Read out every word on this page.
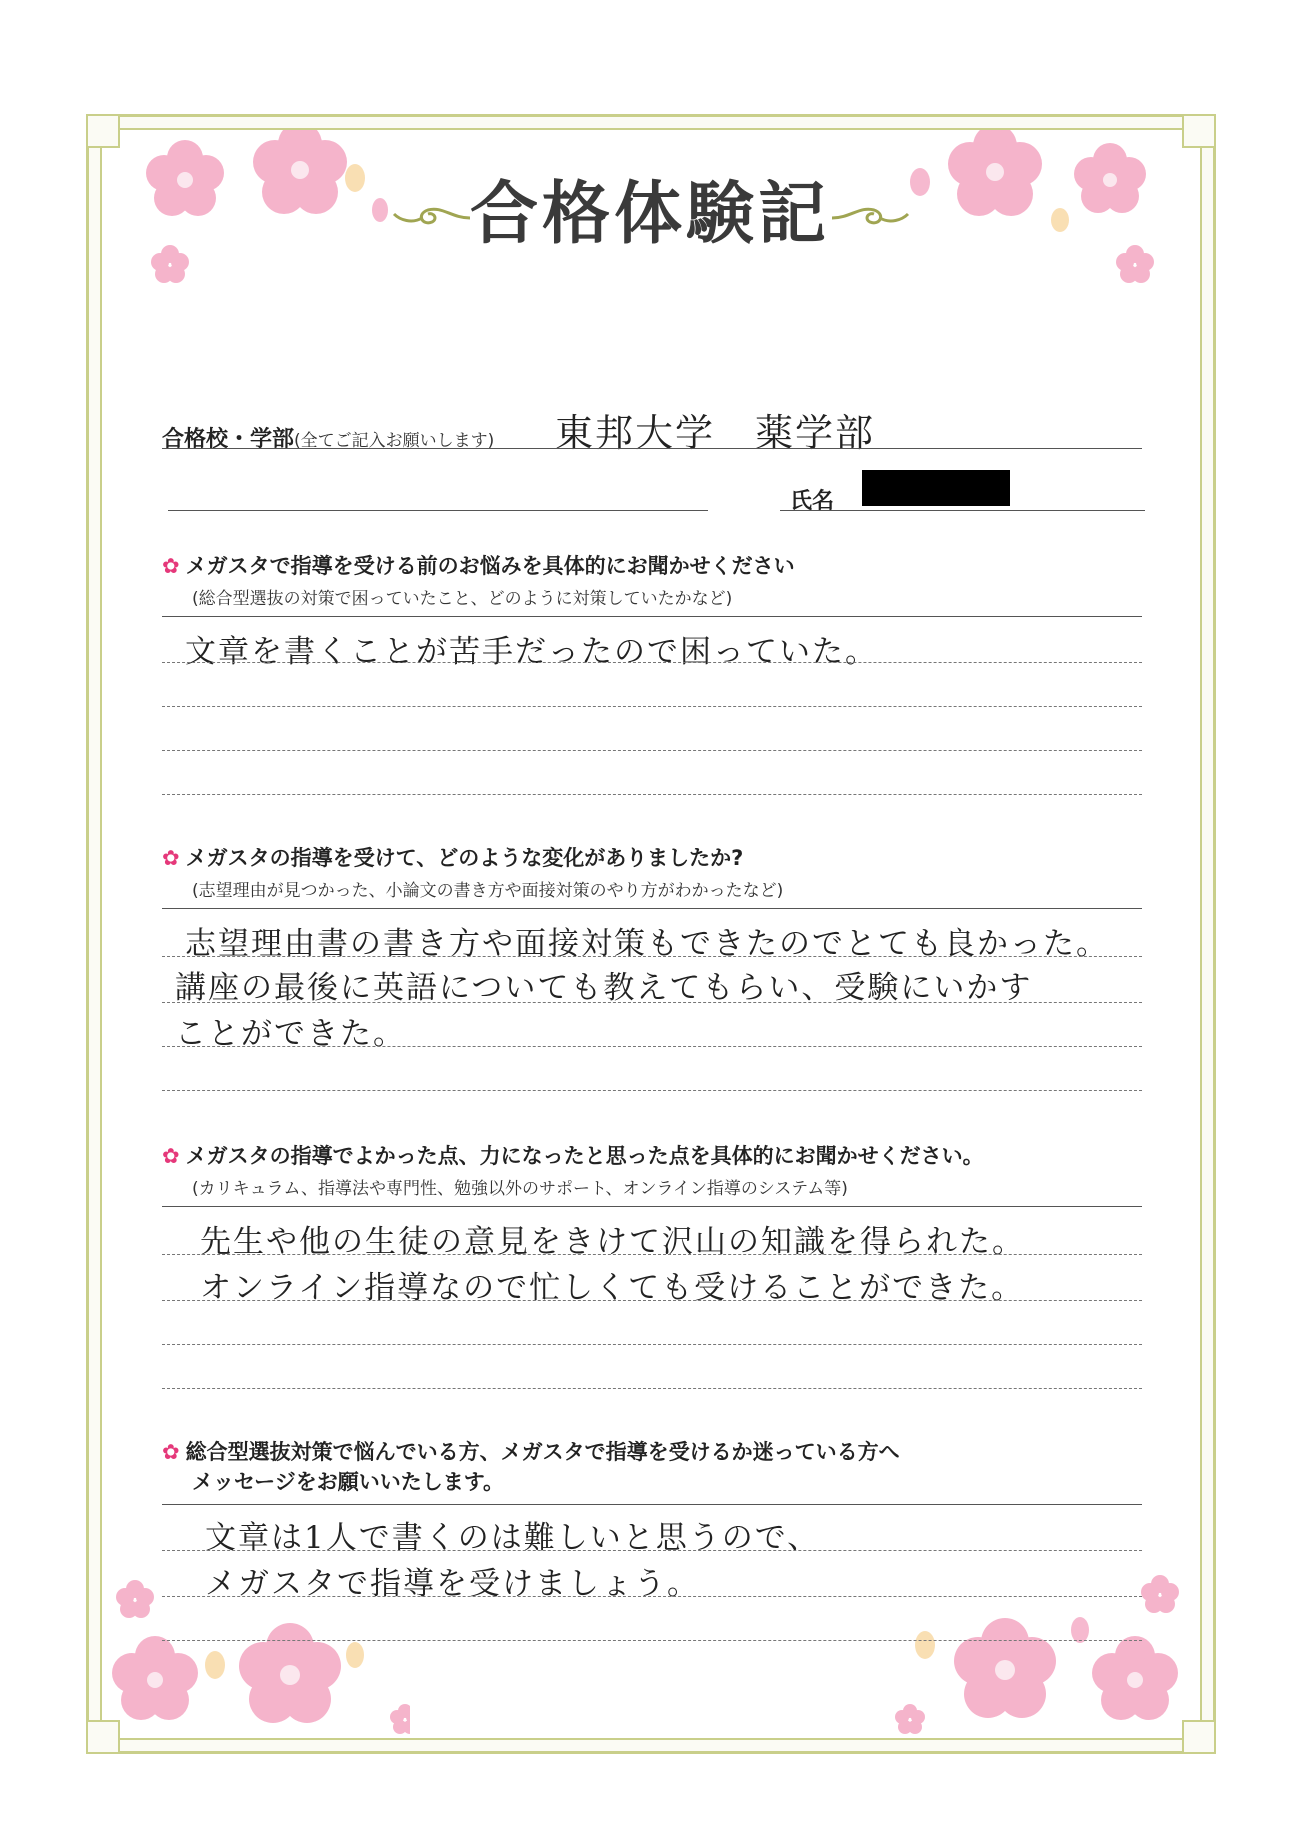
合格体験記
合格校・学部(全てご記入お願いします) 東邦大学　薬学部
氏名
✿ メガスタで指導を受ける前のお悩みを具体的にお聞かせください
(総合型選抜の対策で困っていたこと、どのように対策していたかなど)
文章を書くことが苦手だったので困っていた。
✿ メガスタの指導を受けて、どのような変化がありましたか?
(志望理由が見つかった、小論文の書き方や面接対策のやり方がわかったなど)
志望理由書の書き方や面接対策もできたのでとても良かった。
講座の最後に英語についても教えてもらい、受験にいかす
ことができた。
✿ メガスタの指導でよかった点、力になったと思った点を具体的にお聞かせください。
(カリキュラム、指導法や専門性、勉強以外のサポート、オンライン指導のシステム等)
先生や他の生徒の意見をきけて沢山の知識を得られた。
オンライン指導なので忙しくても受けることができた。
✿ 総合型選抜対策で悩んでいる方、メガスタで指導を受けるか迷っている方へ
メッセージをお願いいたします。
文章は1人で書くのは難しいと思うので、
メガスタで指導を受けましょう。
